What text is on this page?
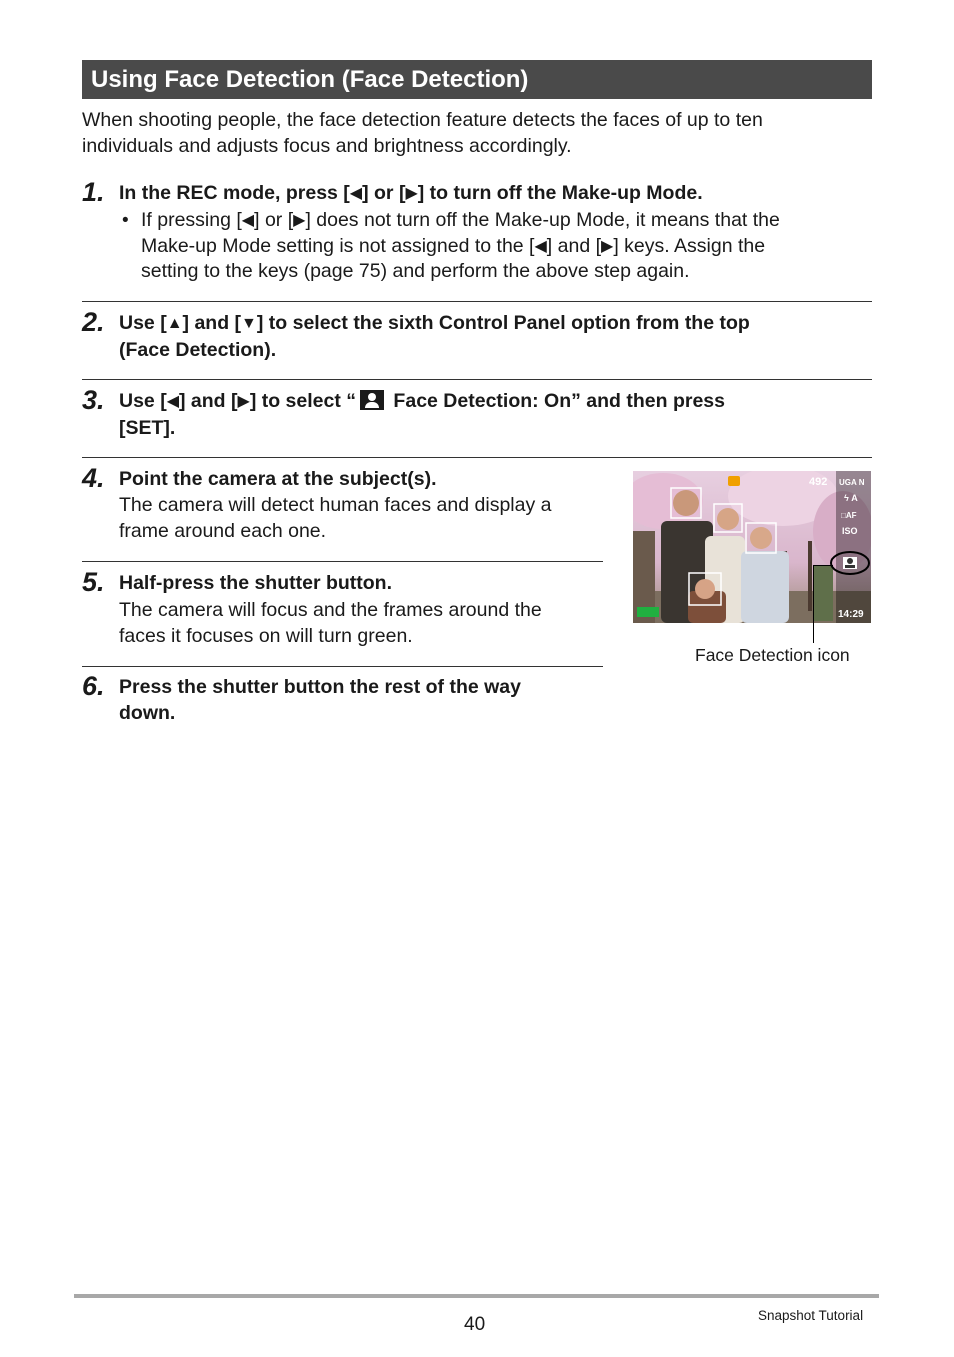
Using Face Detection (Face Detection)
When shooting people, the face detection feature detects the faces of up to ten
individuals and adjusts focus and brightness accordingly.
1. In the REC mode, press [◀] or [▶] to turn off the Make-up Mode.
• If pressing [◀] or [▶] does not turn off the Make-up Mode, it means that the
Make-up Mode setting is not assigned to the [◀] and [▶] keys. Assign the
setting to the keys (page 75) and perform the above step again.
2. Use [▲] and [▼] to select the sixth Control Panel option from the top
(Face Detection).
3. Use [◀] and [▶] to select “ Face Detection: On” and then press
[SET].
4. Point the camera at the subject(s).
The camera will detect human faces and display a
frame around each one.
5. Half-press the shutter button.
The camera will focus and the frames around the
faces it focuses on will turn green.
6. Press the shutter button the rest of the way
down.
492 UGA N
ϟ A
□AF
ISO
14:29
Face Detection icon
40	Snapshot Tutorial
